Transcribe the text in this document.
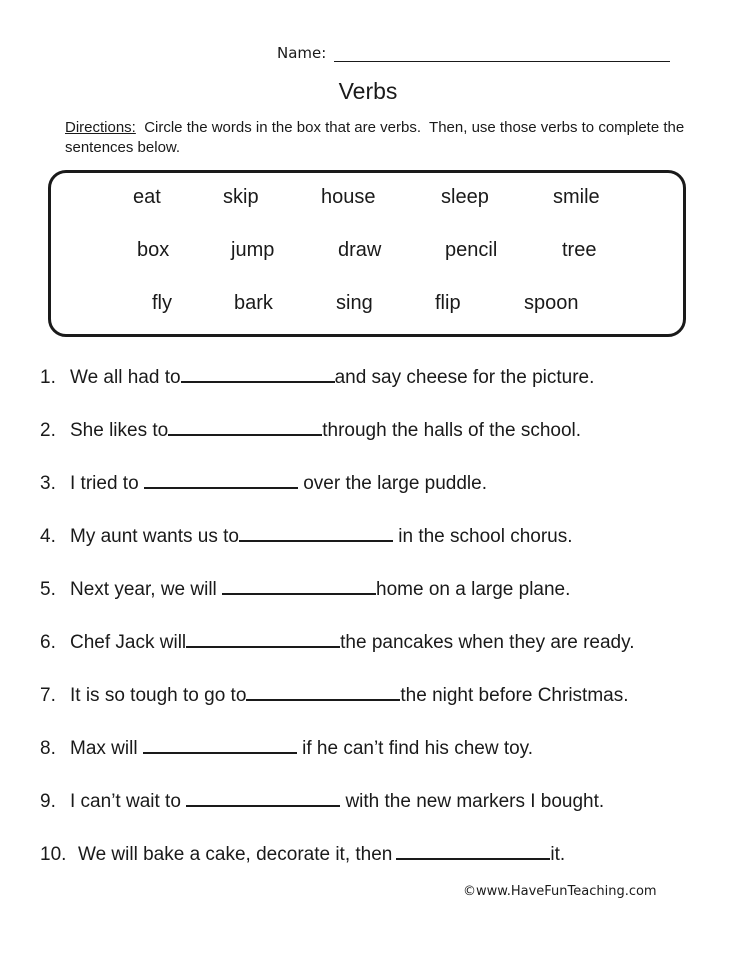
Name:
Verbs
Directions:  Circle the words in the box that are verbs.  Then, use those verbs to complete the sentences below.
eat	skip	house	sleep	smile
box	jump	draw	pencil	tree
fly	bark	sing	flip	spoon
1. We all had to	and say cheese for the picture.
2. She likes to	through the halls of the school.
3. I tried to	over the large puddle.
4. My aunt wants us to	in the school chorus.
5. Next year, we will	home on a large plane.
6. Chef Jack will	the pancakes when they are ready.
7. It is so tough to go to	the night before Christmas.
8. Max will	if he can’t find his chew toy.
9. I can’t wait to	with the new markers I bought.
10. We will bake a cake, decorate it, then	it.
©www.HaveFunTeaching.com
